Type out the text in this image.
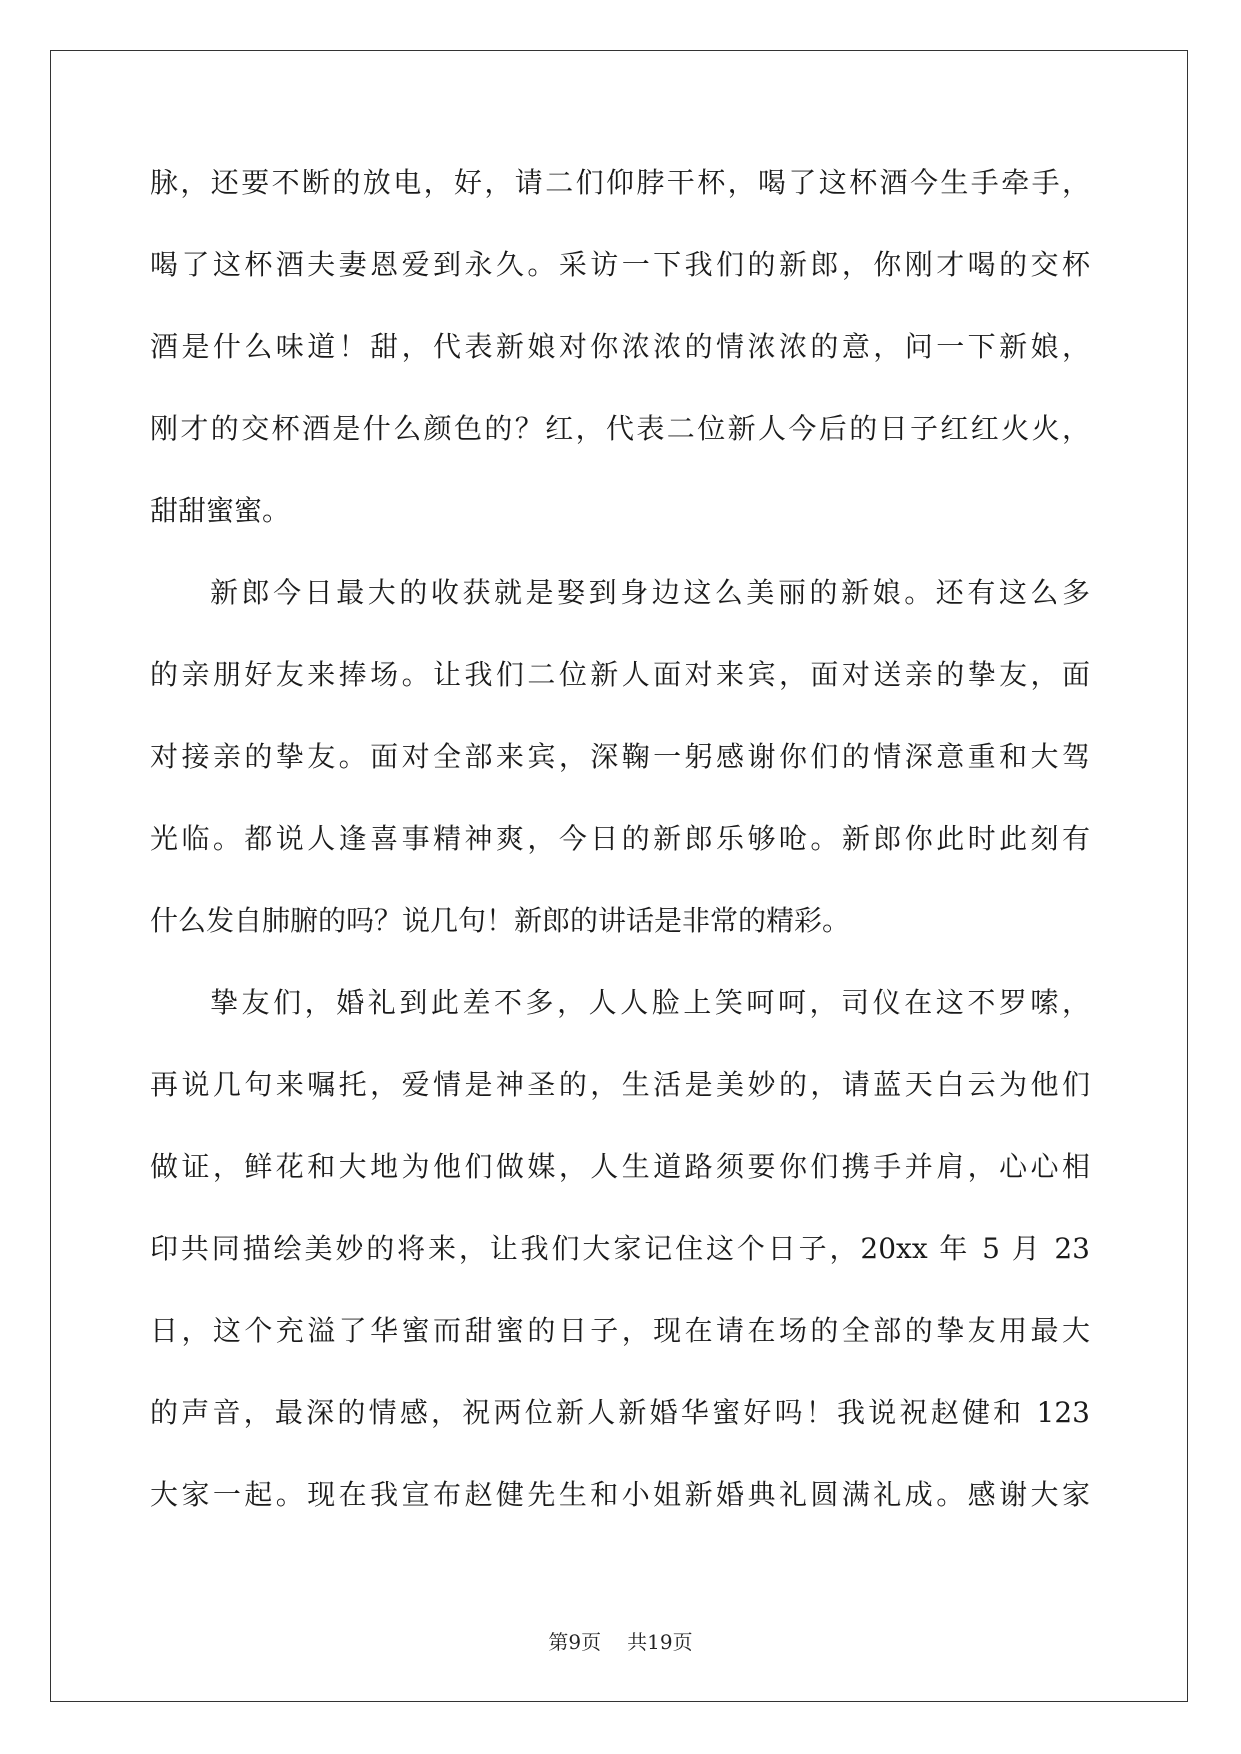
脉，还要不断的放电，好，请二们仰脖干杯，喝了这杯酒今生手牵手，
喝了这杯酒夫妻恩爱到永久。采访一下我们的新郎，你刚才喝的交杯
酒是什么味道！甜，代表新娘对你浓浓的情浓浓的意，问一下新娘，
刚才的交杯酒是什么颜色的？红，代表二位新人今后的日子红红火火，
甜甜蜜蜜。
新郎今日最大的收获就是娶到身边这么美丽的新娘。还有这么多
的亲朋好友来捧场。让我们二位新人面对来宾，面对送亲的挚友，面
对接亲的挚友。面对全部来宾，深鞠一躬感谢你们的情深意重和大驾
光临。都说人逢喜事精神爽，今日的新郎乐够呛。新郎你此时此刻有
什么发自肺腑的吗？说几句！新郎的讲话是非常的精彩。
挚友们，婚礼到此差不多，人人脸上笑呵呵，司仪在这不罗嗦，
再说几句来嘱托，爱情是神圣的，生活是美妙的，请蓝天白云为他们
做证，鲜花和大地为他们做媒，人生道路须要你们携手并肩，心心相
印共同描绘美妙的将来，让我们大家记住这个日子，20xx 年 5 月 23
日，这个充溢了华蜜而甜蜜的日子，现在请在场的全部的挚友用最大
的声音，最深的情感，祝两位新人新婚华蜜好吗！我说祝赵健和 123
大家一起。现在我宣布赵健先生和小姐新婚典礼圆满礼成。感谢大家
第9页 共19页
